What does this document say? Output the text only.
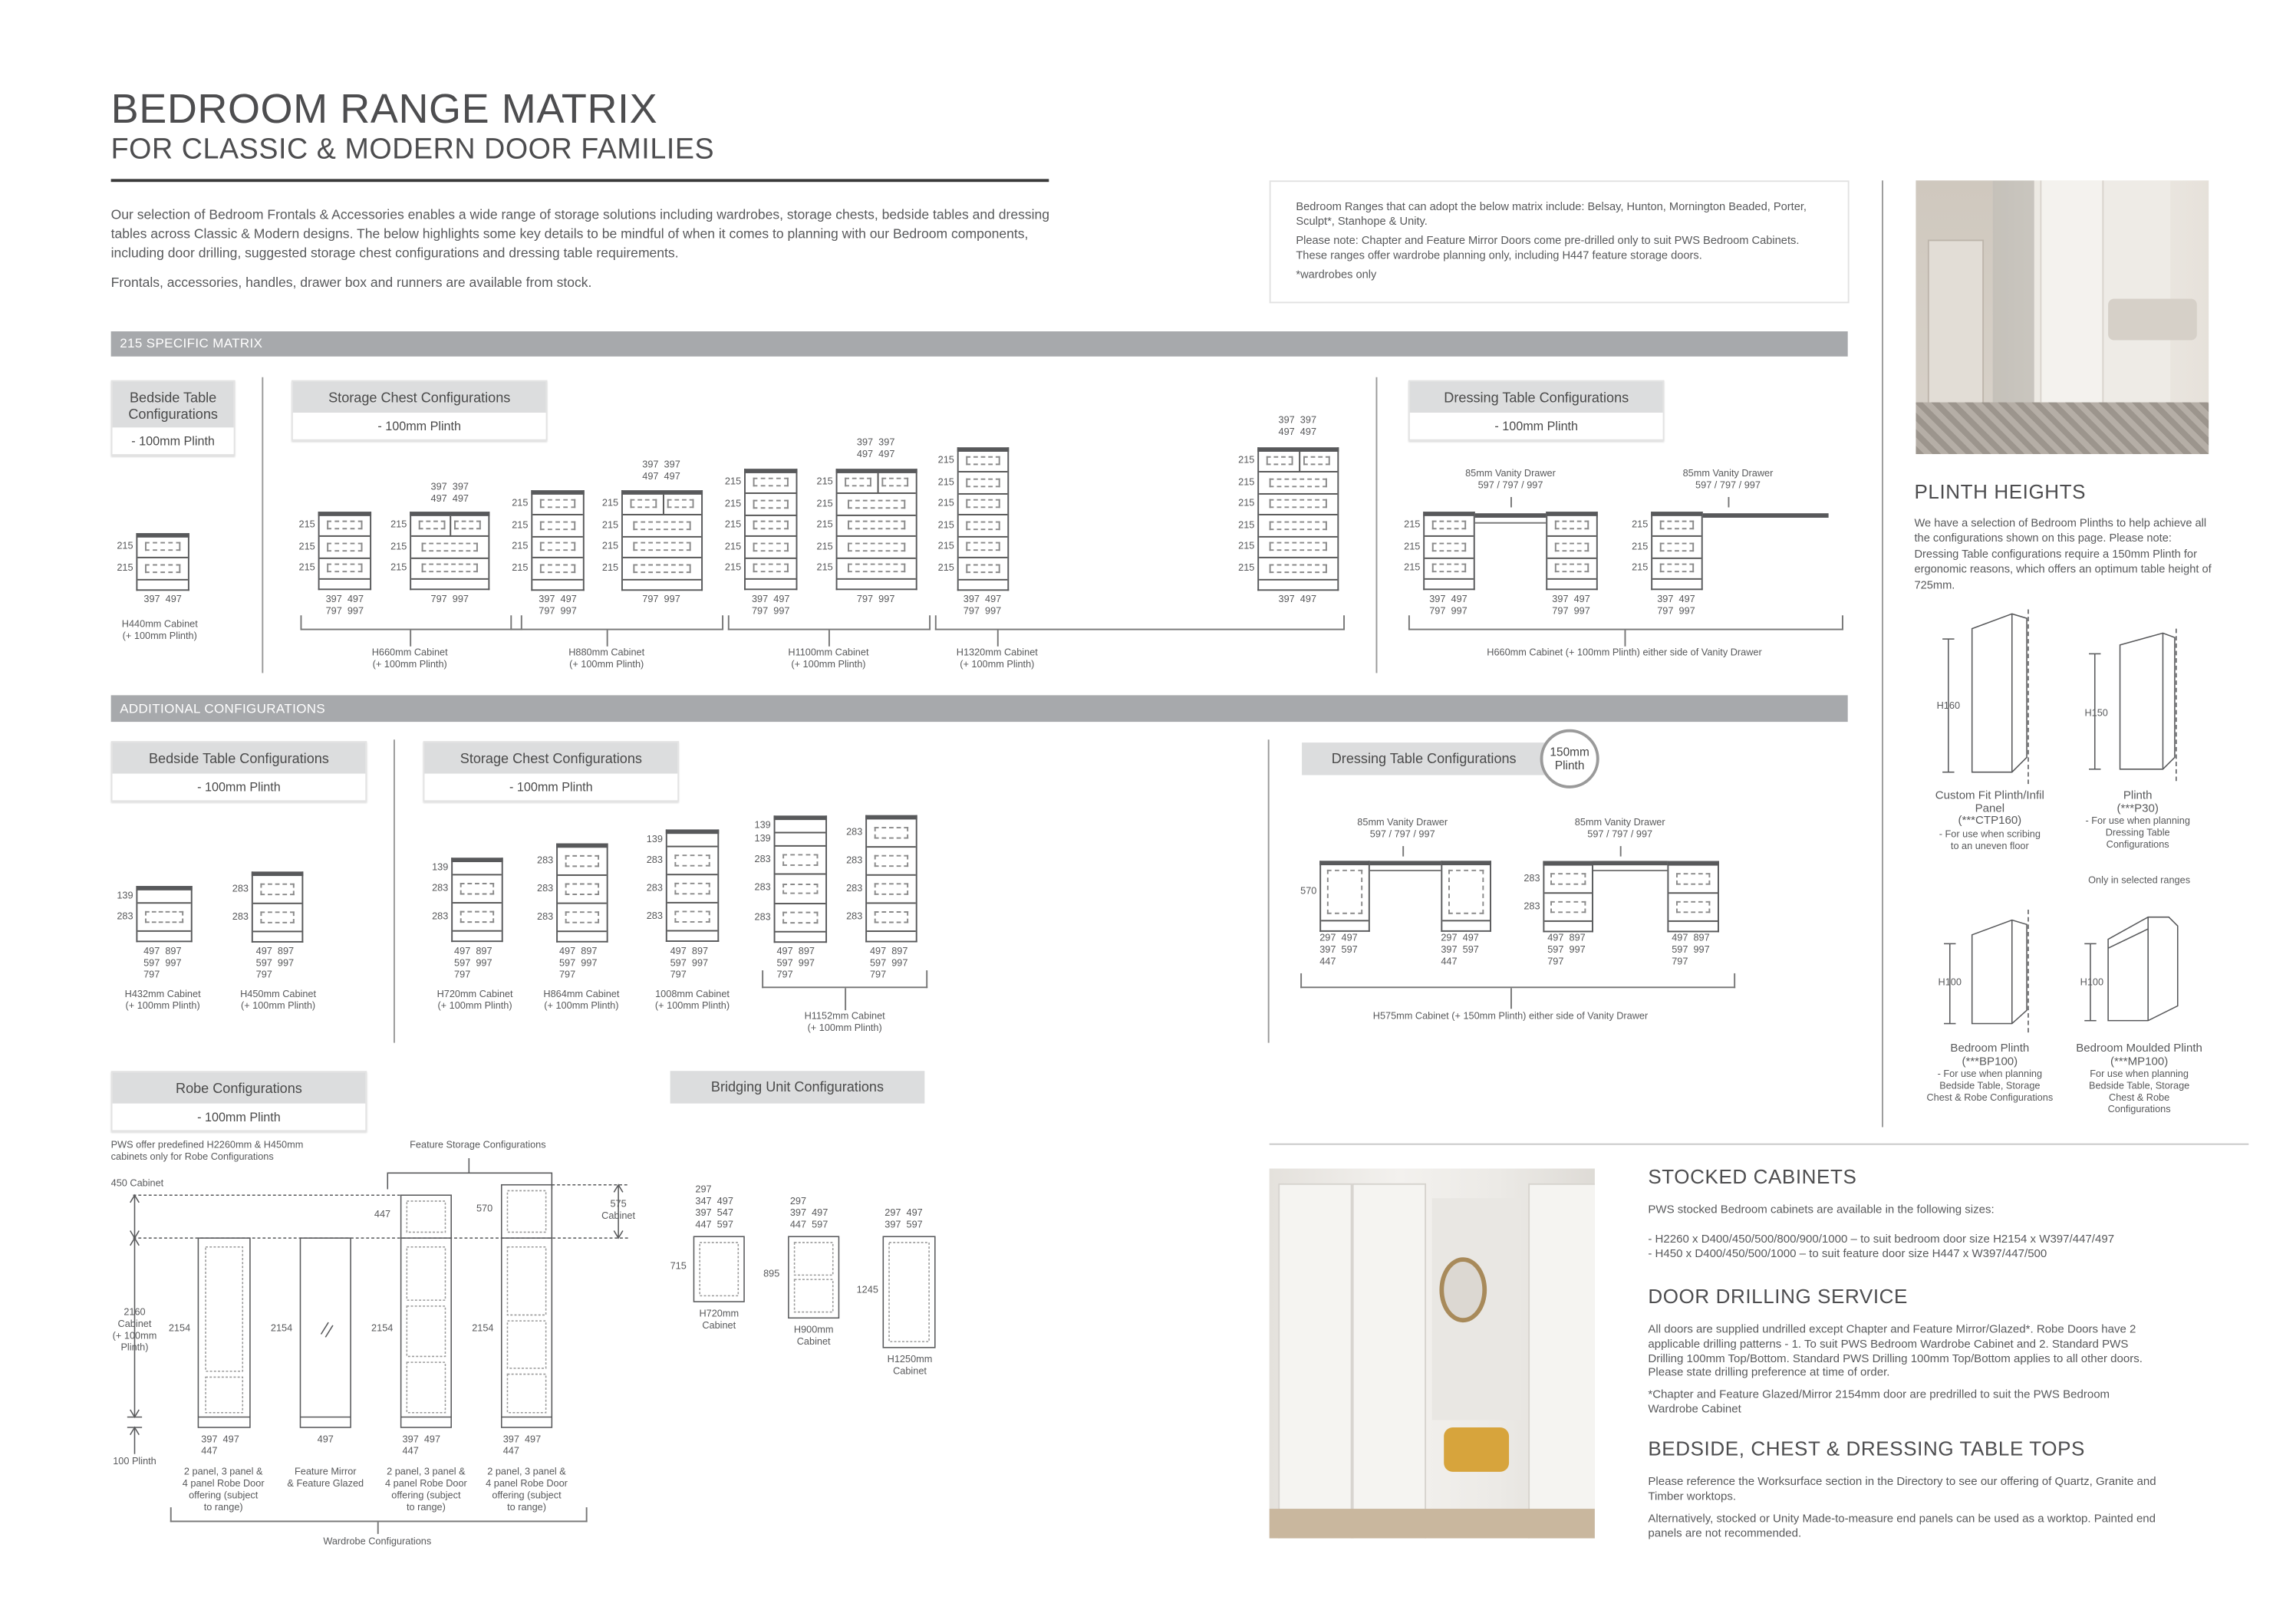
BEDROOM RANGE MATRIX
FOR CLASSIC & MODERN DOOR FAMILIES
Our selection of Bedroom Frontals & Accessories enables a wide range of storage solutions including wardrobes, storage chests, bedside tables and dressing tables across Classic & Modern designs. The below highlights some key details to be mindful of when it comes to planning with our Bedroom components, including door drilling, suggested storage chest configurations and dressing table requirements.
Frontals, accessories, handles, drawer box and runners are available from stock.

Bedroom Ranges that can adopt the below matrix include: Belsay, Hunton, Mornington Beaded, Porter, Sculpt*, Stanhope & Unity.

Please note: Chapter and Feature Mirror Doors come pre-drilled only to suit PWS Bedroom Cabinets. These ranges offer wardrobe planning only, including H447 feature storage doors.

*wardrobes only

215 SPECIFIC MATRIX
Bedside Table
Configurations
- 100mm Plinth
Storage Chest Configurations
- 100mm Plinth
Dressing Table Configurations
- 100mm Plinth
215
215
397  497
H440mm Cabinet
(+ 100mm Plinth)
215
215
215
215
215
215
215
215
215
215
215
215
215
215
215
215
215
215
215
215
215
215
215
215
215
215
215
215
215
215
215
215
215
215
215
215
397  397
497  497
397  397
497  497
397  397
497  497
397  397
497  497
397  497
797  997
797  997	397  497
797  997
797  997	397  497
797  997
797  997	397  497
797  997
397  497
H660mm Cabinet
(+ 100mm Plinth)
H880mm Cabinet
(+ 100mm Plinth)
H1100mm Cabinet
(+ 100mm Plinth)
H1320mm Cabinet
(+ 100mm Plinth)
85mm Vanity Drawer
597 / 797 / 997
215
215
215
85mm Vanity Drawer
597 / 797 / 997
215
215
215
397  497
797  997
397  497
797  997
397  497
797  997
H660mm Cabinet (+ 100mm Plinth) either side of Vanity Drawer
ADDITIONAL CONFIGURATIONS
Bedside Table Configurations
- 100mm Plinth
Storage Chest Configurations
- 100mm Plinth
Dressing Table Configurations	150mm
Plinth
139
283
283
283
497  897
597  997
797
497  897
597  997
797
H432mm Cabinet
(+ 100mm Plinth)
H450mm Cabinet
(+ 100mm Plinth)
139
283
283
283
283
283
139
283
283
283
139
139
283
283
283
283
283
283
283
497  897
597  997
797
497  897
597  997
797
497  897
597  997
797
497  897
597  997
797
497  897
597  997
797
H720mm Cabinet
(+ 100mm Plinth)
H864mm Cabinet
(+ 100mm Plinth)
1008mm Cabinet
(+ 100mm Plinth)
H1152mm Cabinet
(+ 100mm Plinth)
85mm Vanity Drawer
597 / 797 / 997
570
85mm Vanity Drawer
597 / 797 / 997
283
283
297  497
397  597
447
297  497
397  597
447
497  897
597  997
797
497  897
597  997
797
H575mm Cabinet (+ 150mm Plinth) either side of Vanity Drawer
Robe Configurations
- 100mm Plinth
PWS offer predefined H2260mm & H450mm
cabinets only for Robe Configurations
Feature Storage Configurations
450 Cabinet
2160
Cabinet
(+ 100mm
Plinth)
100 Plinth
575
Cabinet
447
570
2154	2154	2154	2154
397  497
447
497	397  497
447
397  497
447
2 panel, 3 panel &
4 panel Robe Door
offering (subject
to range)
Feature Mirror
& Feature Glazed
2 panel, 3 panel &
4 panel Robe Door
offering (subject
to range)
2 panel, 3 panel &
4 panel Robe Door
offering (subject
to range)
Wardrobe Configurations
Bridging Unit Configurations
297
347  497
397  547
447  597
297
397  497
447  597
297  497
397  597
715
895
1245
H720mm
Cabinet	H900mm
Cabinet
H1250mm
Cabinet
PLINTH HEIGHTS
We have a selection of Bedroom Plinths to help achieve all the configurations shown on this page. Please note: Dressing Table configurations require a 150mm Plinth for ergonomic reasons, which offers an optimum table height of 725mm.
H160
H150
H100	H100
Custom Fit Plinth/Infil
Panel
(***CTP160)
- For use when scribing
to an uneven floor
Plinth
(***P30)
- For use when planning
Dressing Table
Configurations
Only in selected ranges
Bedroom Plinth
(***BP100)
- For use when planning
Bedside Table, Storage
Chest & Robe Configurations
Bedroom Moulded Plinth
(***MP100)
For use when planning
Bedside Table, Storage
Chest & Robe
Configurations
STOCKED CABINETS
PWS stocked Bedroom cabinets are available in the following sizes:
- H2260 x D400/450/500/800/900/1000 – to suit bedroom door size H2154 x W397/447/497
- H450 x D400/450/500/1000 – to suit feature door size H447 x W397/447/500
DOOR DRILLING SERVICE
All doors are supplied undrilled except Chapter and Feature Mirror/Glazed*. Robe Doors have 2 applicable drilling patterns - 1. To suit PWS Bedroom Wardrobe Cabinet and 2. Standard PWS Drilling 100mm Top/Bottom. Standard PWS Drilling 100mm Top/Bottom applies to all other doors. Please state drilling preference at time of order.
*Chapter and Feature Glazed/Mirror 2154mm door are predrilled to suit the PWS Bedroom Wardrobe Cabinet
BEDSIDE, CHEST & DRESSING TABLE TOPS
Please reference the Worksurface section in the Directory to see our offering of Quartz, Granite and Timber worktops.
Alternatively, stocked or Unity Made-to-measure end panels can be used as a worktop. Painted end panels are not recommended.
